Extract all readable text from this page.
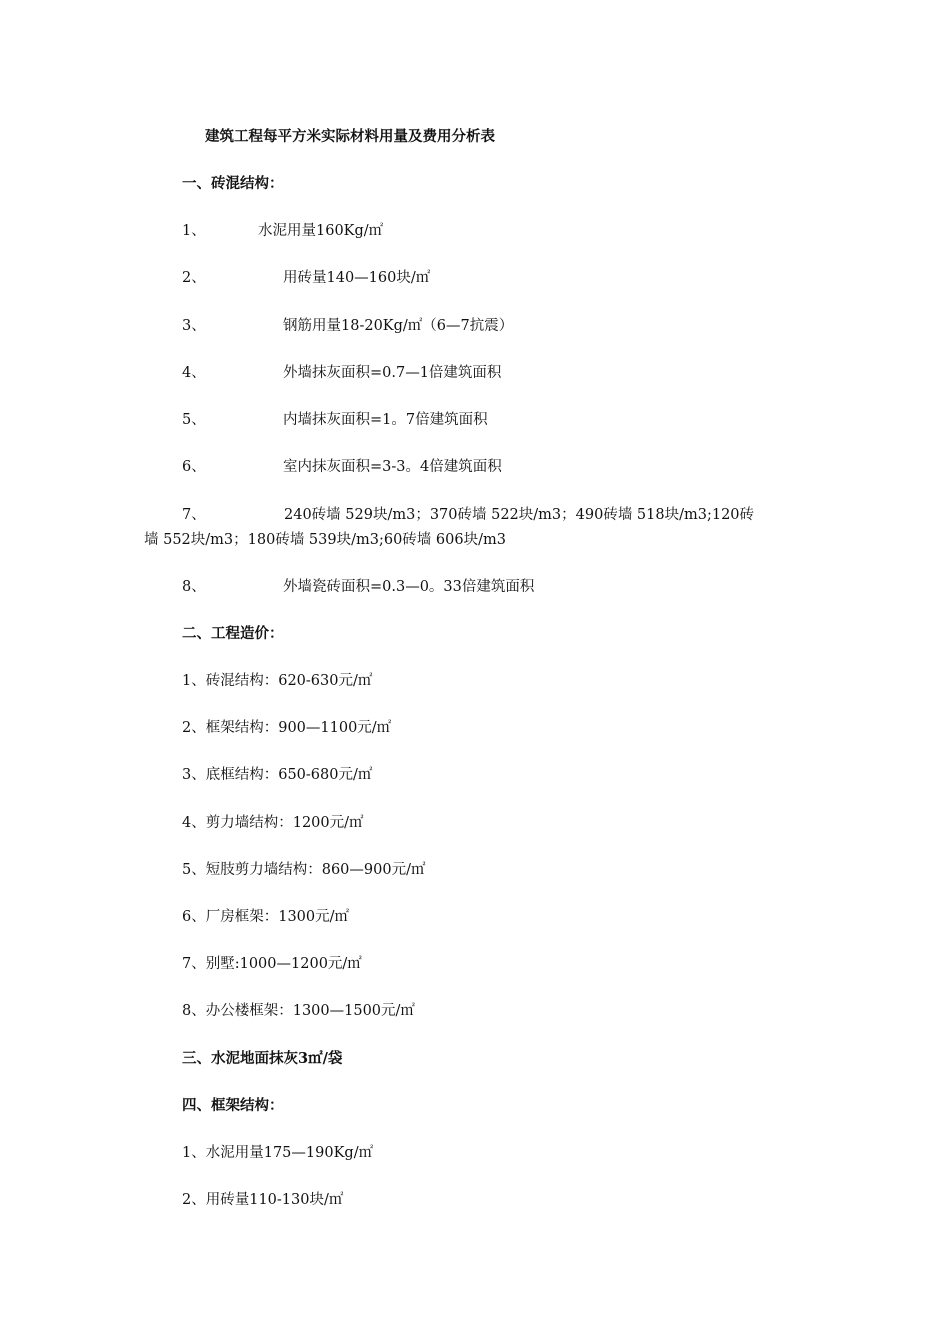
建筑工程每平方米实际材料用量及费用分析表
一、砖混结构：
1、	水泥用量160Kg/㎡
2、	用砖量140—160块/㎡
3、	钢筋用量18-20Kg/㎡（6—7抗震）
4、	外墙抹灰面积=0.7—1倍建筑面积
5、	内墙抹灰面积=1。7倍建筑面积
6、	室内抹灰面积=3-3。4倍建筑面积
7、	240砖墙 529块/m3；370砖墙 522块/m3；490砖墙 518块/m3;120砖
墙 552块/m3；180砖墙 539块/m3;60砖墙 606块/m3
8、	外墙瓷砖面积=0.3—0。33倍建筑面积
二、工程造价：
1、砖混结构：620-630元/㎡
2、框架结构：900—1100元/㎡
3、底框结构：650-680元/㎡
4、剪力墙结构：1200元/㎡
5、短肢剪力墙结构：860—900元/㎡
6、厂房框架：1300元/㎡
7、别墅:1000—1200元/㎡
8、办公楼框架：1300—1500元/㎡
三、水泥地面抹灰3㎡/袋
四、框架结构：
1、水泥用量175—190Kg/㎡
2、用砖量110-130块/㎡
